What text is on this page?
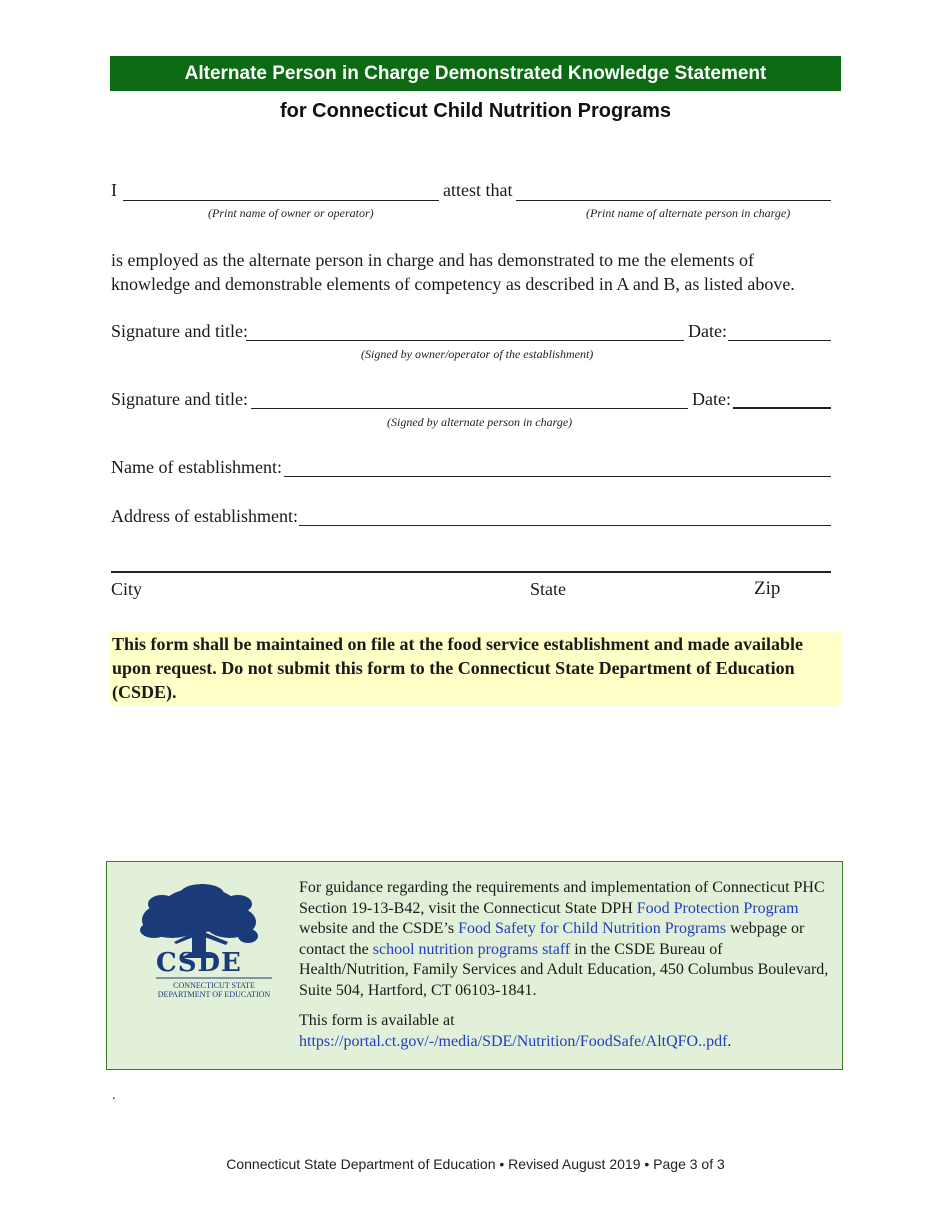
Alternate Person in Charge Demonstrated Knowledge Statement
for Connecticut Child Nutrition Programs
I	attest that
(Print name of owner or operator)	(Print name of alternate person in charge)
is employed as the alternate person in charge and has demonstrated to me the elements of
knowledge and demonstrable elements of competency as described in A and B, as listed above.
Signature and title:	Date:
(Signed by owner/operator of the establishment)
Signature and title:	Date:
(Signed by alternate person in charge)
Name of establishment:
Address of establishment:
City	State	Zip
This form shall be maintained on file at the food service establishment and made available
upon request. Do not submit this form to the Connecticut State Department of Education
(CSDE).
CSDE
CONNECTICUT STATE
DEPARTMENT OF EDUCATION

For guidance regarding the requirements and implementation of Connecticut PHC Section 19-13-B42, visit the Connecticut State DPH Food Protection Program website and the CSDE’s Food Safety for Child Nutrition Programs webpage or contact the school nutrition programs staff in the CSDE Bureau of Health/Nutrition, Family Services and Adult Education, 450 Columbus Boulevard, Suite 504, Hartford, CT 06103-1841.

This form is available at https://portal.ct.gov/-/media/SDE/Nutrition/FoodSafe/AltQFO..pdf.

.
Connecticut State Department of Education • Revised August 2019 • Page 3 of 3
